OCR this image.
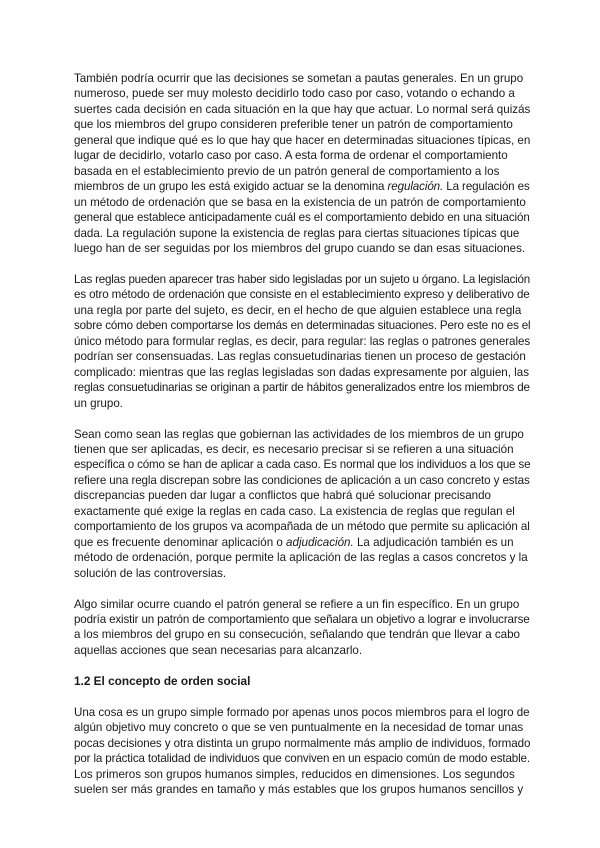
También podría ocurrir que las decisiones se sometan a pautas generales. En un grupo
numeroso, puede ser muy molesto decidirlo todo caso por caso, votando o echando a
suertes cada decisión en cada situación en la que hay que actuar. Lo normal será quizás
que los miembros del grupo consideren preferible tener un patrón de comportamiento
general que indique qué es lo que hay que hacer en determinadas situaciones típicas, en
lugar de decidirlo, votarlo caso por caso. A esta forma de ordenar el comportamiento
basada en el establecimiento previo de un patrón general de comportamiento a los
miembros de un grupo les está exigido actuar se la denomina regulación. La regulación es
un método de ordenación que se basa en la existencia de un patrón de comportamiento
general que establece anticipadamente cuál es el comportamiento debido en una situación
dada. La regulación supone la existencia de reglas para ciertas situaciones típicas que
luego han de ser seguidas por los miembros del grupo cuando se dan esas situaciones.

Las reglas pueden aparecer tras haber sido legisladas por un sujeto u órgano. La legislación
es otro método de ordenación que consiste en el establecimiento expreso y deliberativo de
una regla por parte del sujeto, es decir, en el hecho de que alguien establece una regla
sobre cómo deben comportarse los demás en determinadas situaciones. Pero este no es el
único método para formular reglas, es decir, para regular: las reglas o patrones generales
podrían ser consensuadas. Las reglas consuetudinarias tienen un proceso de gestación
complicado: mientras que las reglas legisladas son dadas expresamente por alguien, las
reglas consuetudinarias se originan a partir de hábitos generalizados entre los miembros de
un grupo.

Sean como sean las reglas que gobiernan las actividades de los miembros de un grupo
tienen que ser aplicadas, es decir, es necesario precisar si se refieren a una situación
específica o cómo se han de aplicar a cada caso. Es normal que los individuos a los que se
refiere una regla discrepan sobre las condiciones de aplicación a un caso concreto y estas
discrepancias pueden dar lugar a conflictos que habrá qué solucionar precisando
exactamente qué exige la reglas en cada caso. La existencia de reglas que regulan el
comportamiento de los grupos va acompañada de un método que permite su aplicación al
que es frecuente denominar aplicación o adjudicación. La adjudicación también es un
método de ordenación, porque permite la aplicación de las reglas a casos concretos y la
solución de las controversias.

Algo similar ocurre cuando el patrón general se refiere a un fin específico. En un grupo
podría existir un patrón de comportamiento que señalara un objetivo a lograr e involucrarse
a los miembros del grupo en su consecución, señalando que tendrán que llevar a cabo
aquellas acciones que sean necesarias para alcanzarlo.

1.2 El concepto de orden social

Una cosa es un grupo simple formado por apenas unos pocos miembros para el logro de
algún objetivo muy concreto o que se ven puntualmente en la necesidad de tomar unas
pocas decisiones y otra distinta un grupo normalmente más amplio de individuos, formado
por la práctica totalidad de individuos que conviven en un espacio común de modo estable.
Los primeros son grupos humanos simples, reducidos en dimensiones. Los segundos
suelen ser más grandes en tamaño y más estables que los grupos humanos sencillos y
